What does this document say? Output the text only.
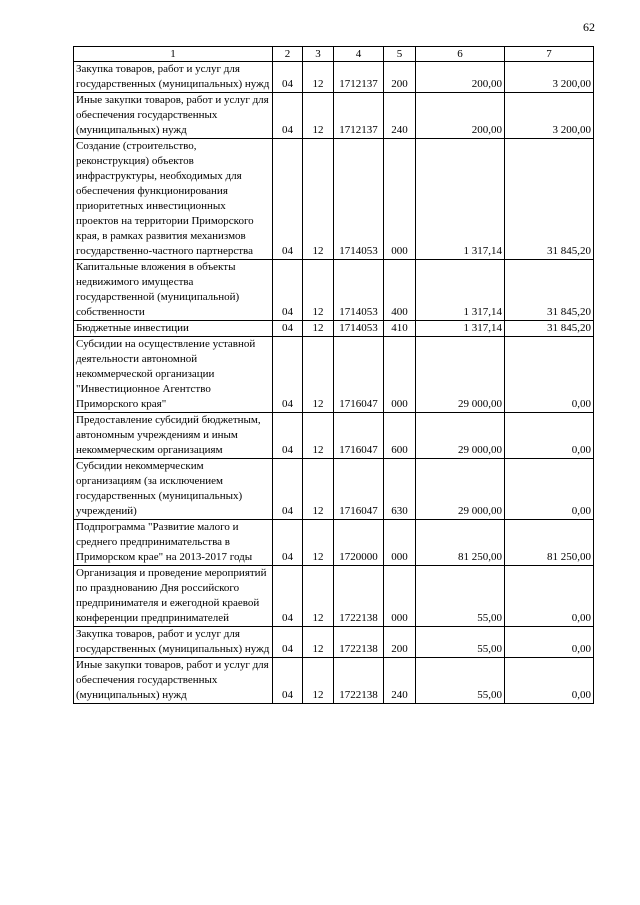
62
1	2	3	4	5	6	7
Закупка товаров, работ и услуг для государственных (муниципальных) нужд	04	12	1712137	200	200,00	3 200,00
Иные закупки товаров, работ и услуг для обеспечения государственных (муниципальных) нужд	04	12	1712137	240	200,00	3 200,00
Создание (строительство, реконструкция) объектов инфраструктуры, необходимых для обеспечения функционирования приоритетных инвестиционных проектов на территории Приморского края, в рамках развития механизмов государственно-частного партнерства	04	12	1714053	000	1 317,14	31 845,20
Капитальные вложения в объекты недвижимого имущества государственной (муниципальной) собственности	04	12	1714053	400	1 317,14	31 845,20
Бюджетные инвестиции	04	12	1714053	410	1 317,14	31 845,20
Субсидии на осуществление уставной деятельности автономной некоммерческой организации "Инвестиционное Агентство Приморского края"	04	12	1716047	000	29 000,00	0,00
Предоставление субсидий бюджетным, автономным учреждениям и иным некоммерческим организациям	04	12	1716047	600	29 000,00	0,00
Субсидии некоммерческим организациям (за исключением государственных (муниципальных) учреждений)	04	12	1716047	630	29 000,00	0,00
Подпрограмма "Развитие малого и среднего предпринимательства в Приморском крае" на 2013-2017 годы	04	12	1720000	000	81 250,00	81 250,00
Организация и проведение мероприятий по празднованию Дня российского предпринимателя и ежегодной краевой конференции предпринимателей	04	12	1722138	000	55,00	0,00
Закупка товаров, работ и услуг для государственных (муниципальных) нужд	04	12	1722138	200	55,00	0,00
Иные закупки товаров, работ и услуг для обеспечения государственных (муниципальных) нужд	04	12	1722138	240	55,00	0,00
